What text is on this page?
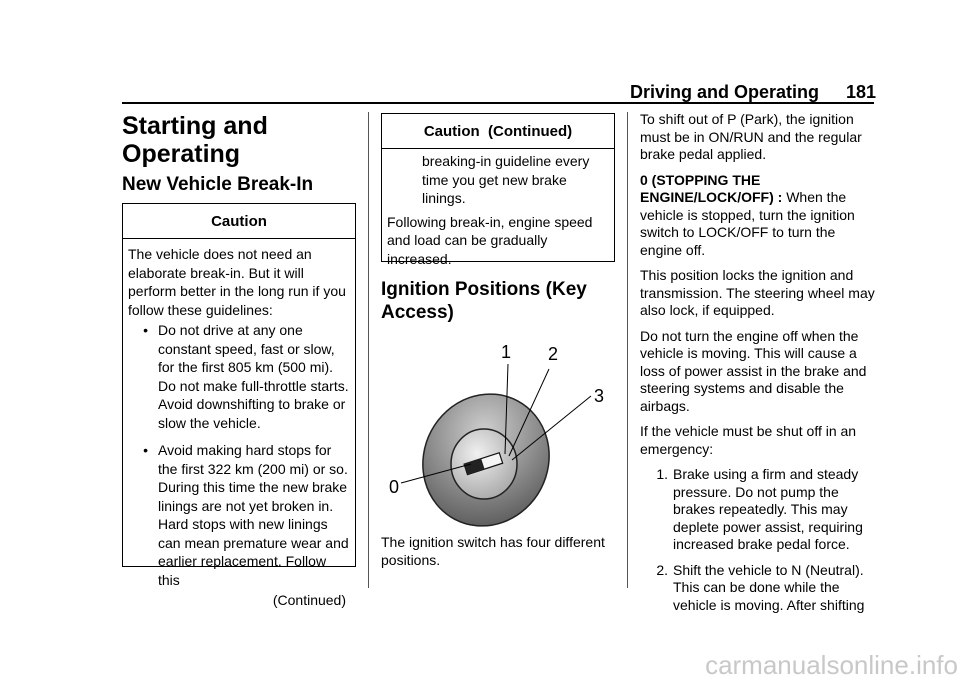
Driving and Operating 181
Starting and Operating
New Vehicle Break-In
Caution

The vehicle does not need an elaborate break-in. But it will perform better in the long run if you follow these guidelines:

• Do not drive at any one constant speed, fast or slow, for the first 805 km (500 mi). Do not make full-throttle starts. Avoid downshifting to brake or slow the vehicle.
• Avoid making hard stops for the first 322 km (200 mi) or so. During this time the new brake linings are not yet broken in. Hard stops with new linings can mean premature wear and earlier replacement. Follow this
(Continued)
Caution  (Continued)

breaking-in guideline every time you get new brake linings.

Following break-in, engine speed and load can be gradually increased.

Ignition Positions (Key Access)
0
1 2
3

The ignition switch has four different positions.

To shift out of P (Park), the ignition must be in ON/RUN and the regular brake pedal applied.

0 (STOPPING THE ENGINE/LOCK/OFF) : When the vehicle is stopped, turn the ignition switch to LOCK/OFF to turn the engine off.

This position locks the ignition and transmission. The steering wheel may also lock, if equipped.

Do not turn the engine off when the vehicle is moving. This will cause a loss of power assist in the brake and steering systems and disable the airbags.

If the vehicle must be shut off in an emergency:

1. Brake using a firm and steady pressure. Do not pump the brakes repeatedly. This may deplete power assist, requiring increased brake pedal force.
2. Shift the vehicle to N (Neutral). This can be done while the vehicle is moving. After shifting
carmanualsonline.info
